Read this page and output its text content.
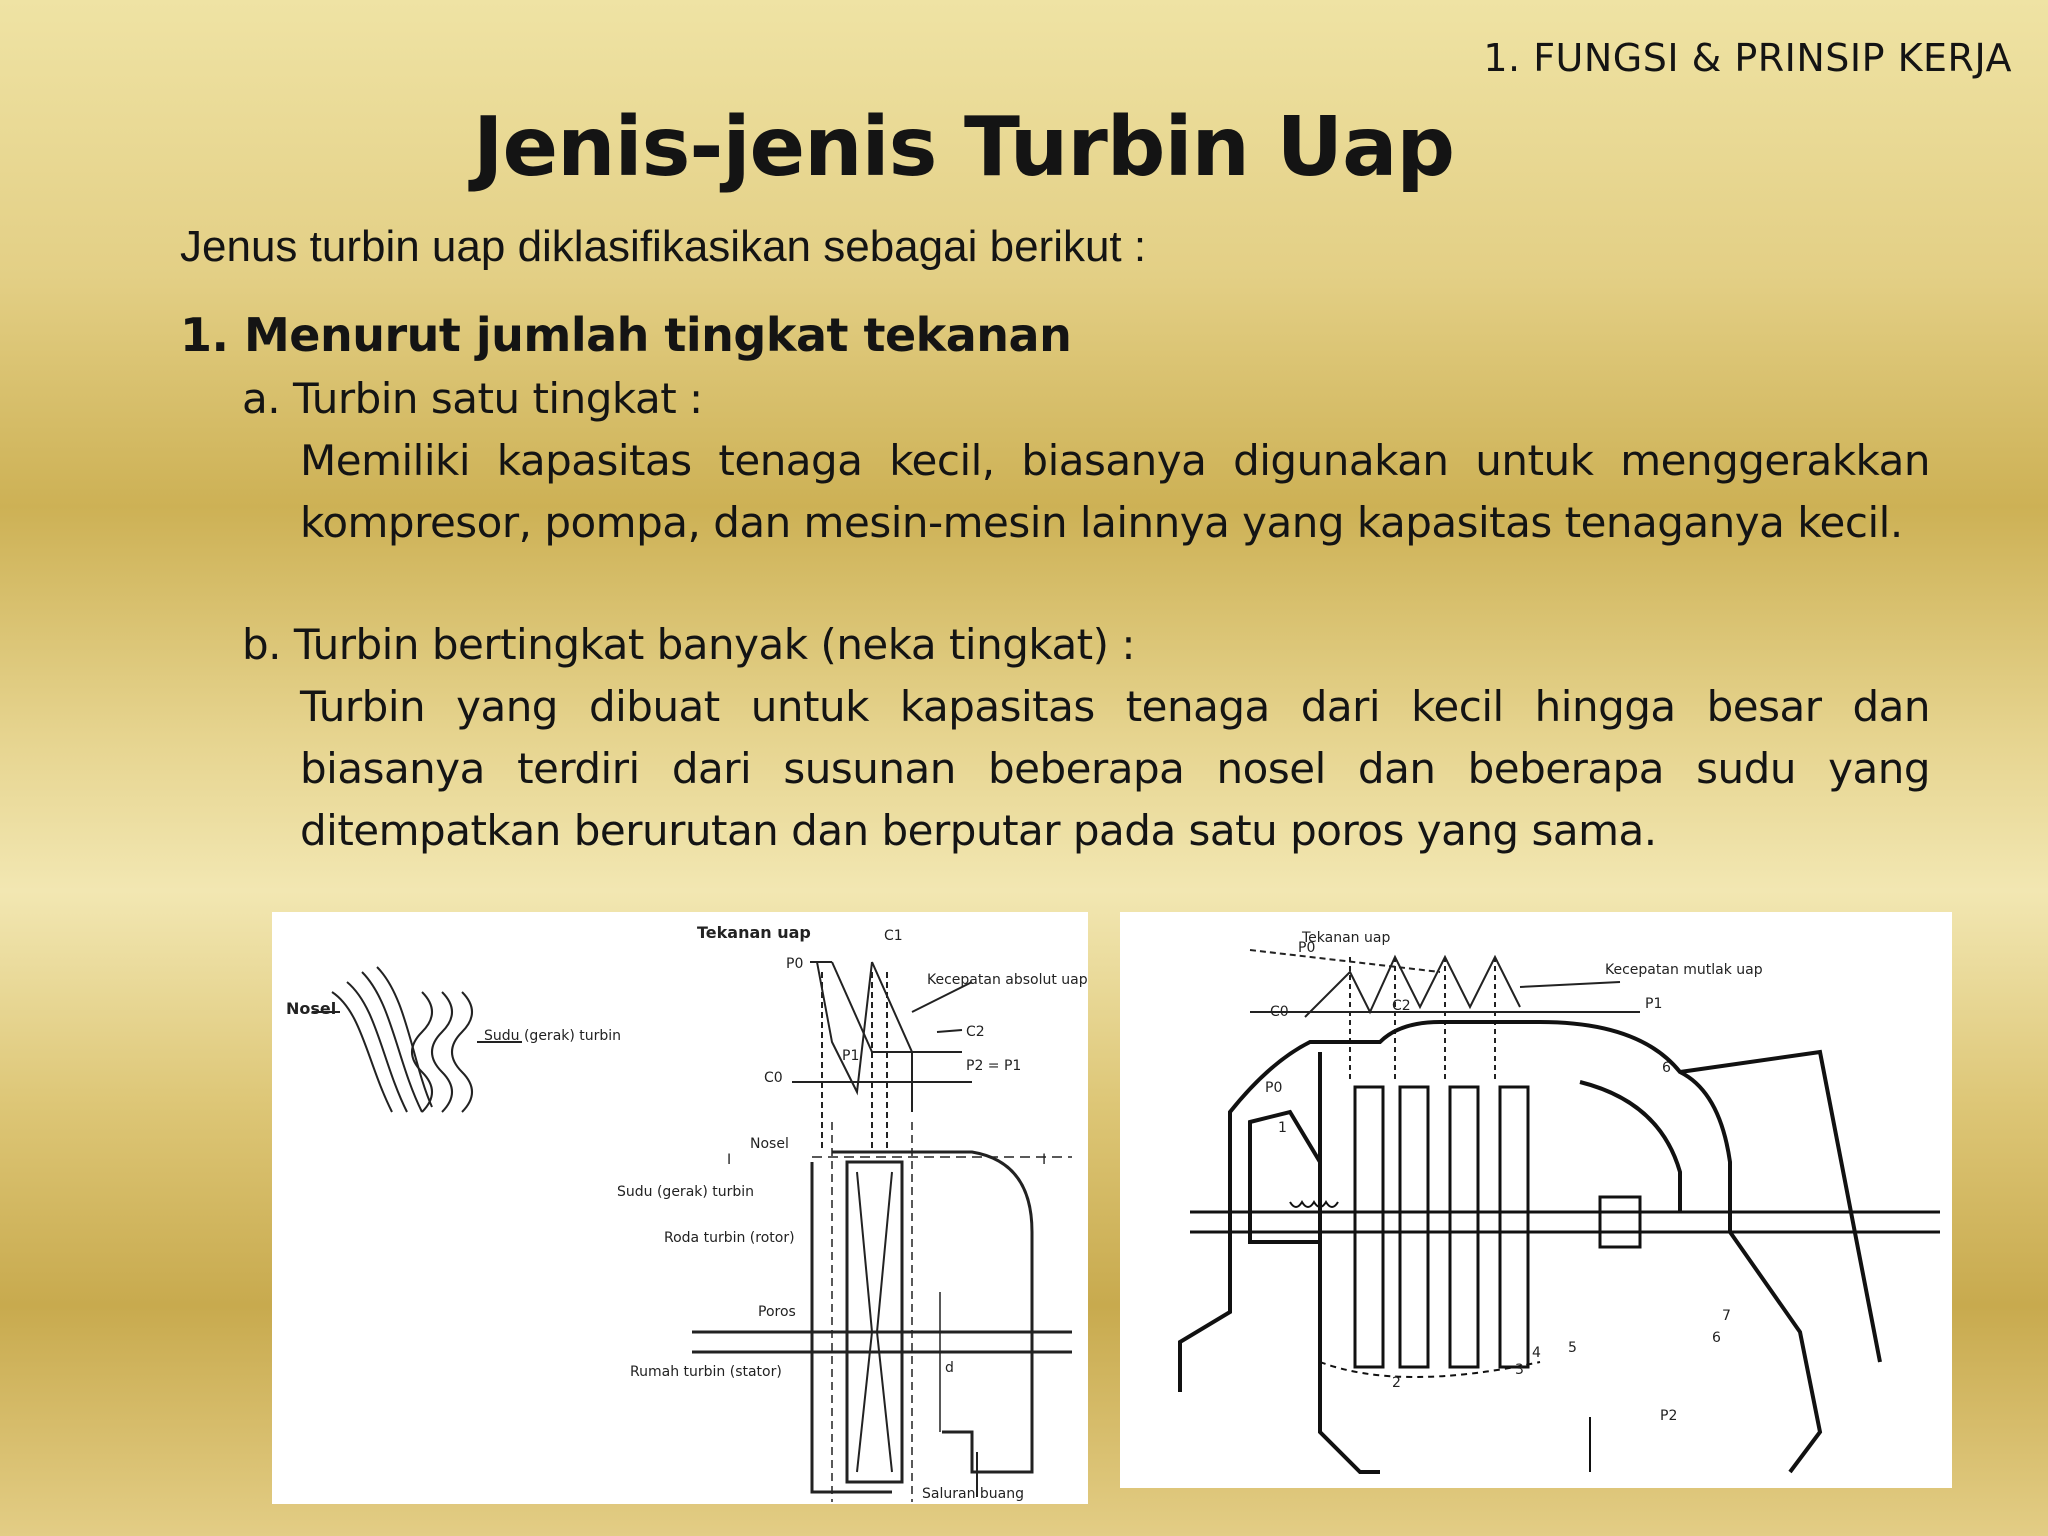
1. FUNGSI & PRINSIP KERJA
Jenis-jenis Turbin Uap
Jenus turbin uap diklasifikasikan sebagai berikut :
1. Menurut jumlah tingkat tekanan
a. Turbin satu tingkat :
Memiliki kapasitas tenaga kecil, biasanya digunakan untuk menggerakkan kompresor, pompa, dan mesin-mesin lainnya yang kapasitas tenaganya kecil.
b. Turbin bertingkat banyak (neka tingkat) :
Turbin yang dibuat untuk kapasitas tenaga dari kecil hingga besar dan biasanya terdiri dari susunan beberapa nosel dan beberapa sudu yang ditempatkan berurutan dan berputar pada satu poros yang sama.
Nosel
Sudu (gerak) turbin
Tekanan uap	C1
P0
Kecepatan absolut uap
C2
P1
C0
P2 = P1
Nosel
I	I
Sudu (gerak) turbin
Roda turbin (rotor)
Poros
d
Rumah turbin (stator)
Saluran buang
Tekanan uap
P0
Kecepatan mutlak uap
C0	P1
C2
P0
1
2
3
4 5
6
6
7
P2
